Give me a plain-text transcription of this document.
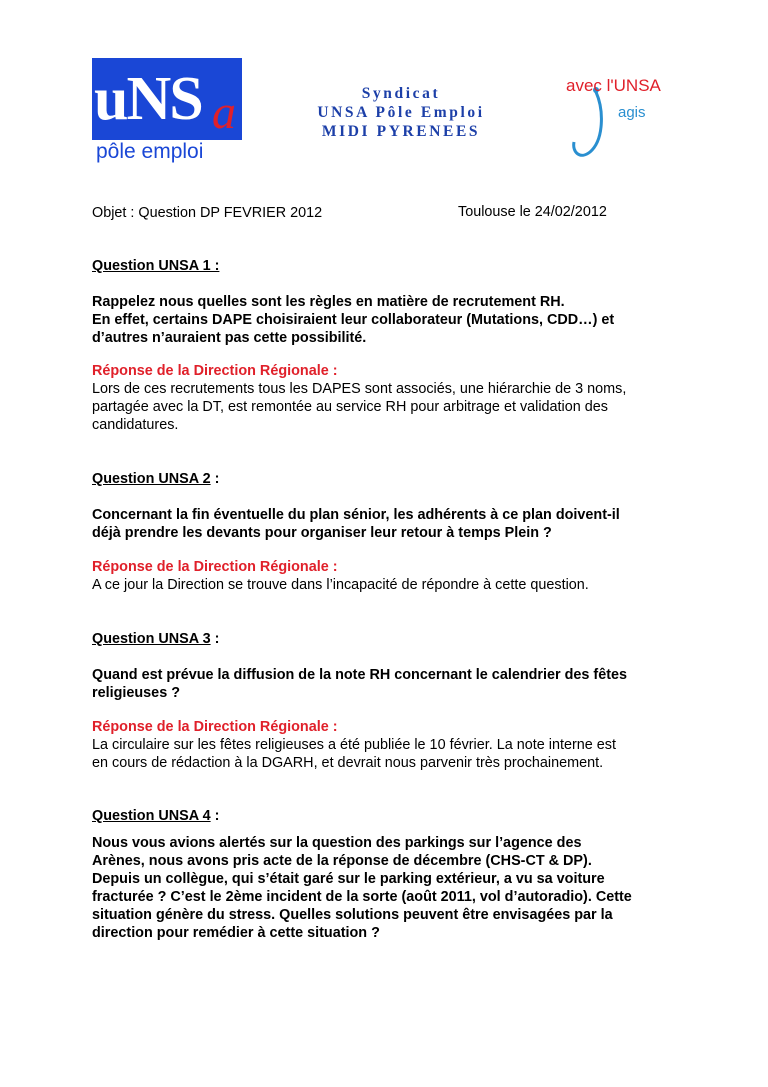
uNS a
pôle emploi
Syndicat
UNSA Pôle Emploi
MIDI PYRENEES
avec l'UNSA
agis
Objet : Question DP FEVRIER 2012	Toulouse le 24/02/2012
Question UNSA 1 :
Rappelez nous quelles sont les règles en matière de recrutement RH.
En effet, certains DAPE choisiraient leur collaborateur (Mutations, CDD…) et
d’autres n’auraient pas cette possibilité.
Réponse de la Direction Régionale :
Lors de ces recrutements tous les DAPES sont associés, une hiérarchie de 3 noms,
partagée avec la DT, est remontée au service RH pour arbitrage et validation des
candidatures.
Question UNSA 2 :
Concernant la fin éventuelle du plan sénior, les adhérents à ce plan doivent-il
déjà prendre les devants pour organiser leur retour à temps Plein ?
Réponse de la Direction Régionale :
A ce jour la Direction se trouve dans l’incapacité de répondre à cette question.
Question UNSA 3 :
Quand est prévue la diffusion de la note RH concernant le calendrier des fêtes
religieuses ?
Réponse de la Direction Régionale :
La circulaire sur les fêtes religieuses a été publiée le 10 février. La note interne est
en cours de rédaction à la DGARH, et devrait nous parvenir très prochainement.
Question UNSA 4 :
Nous vous avions alertés sur la question des parkings sur l’agence des
Arènes, nous avons pris acte de la réponse de décembre (CHS-CT & DP).
Depuis un collègue, qui s’était garé sur le parking extérieur, a vu sa voiture
fracturée ? C’est le 2ème incident de la sorte (août 2011, vol d’autoradio). Cette
situation génère du stress. Quelles solutions peuvent être envisagées par la
direction pour remédier à cette situation ?
